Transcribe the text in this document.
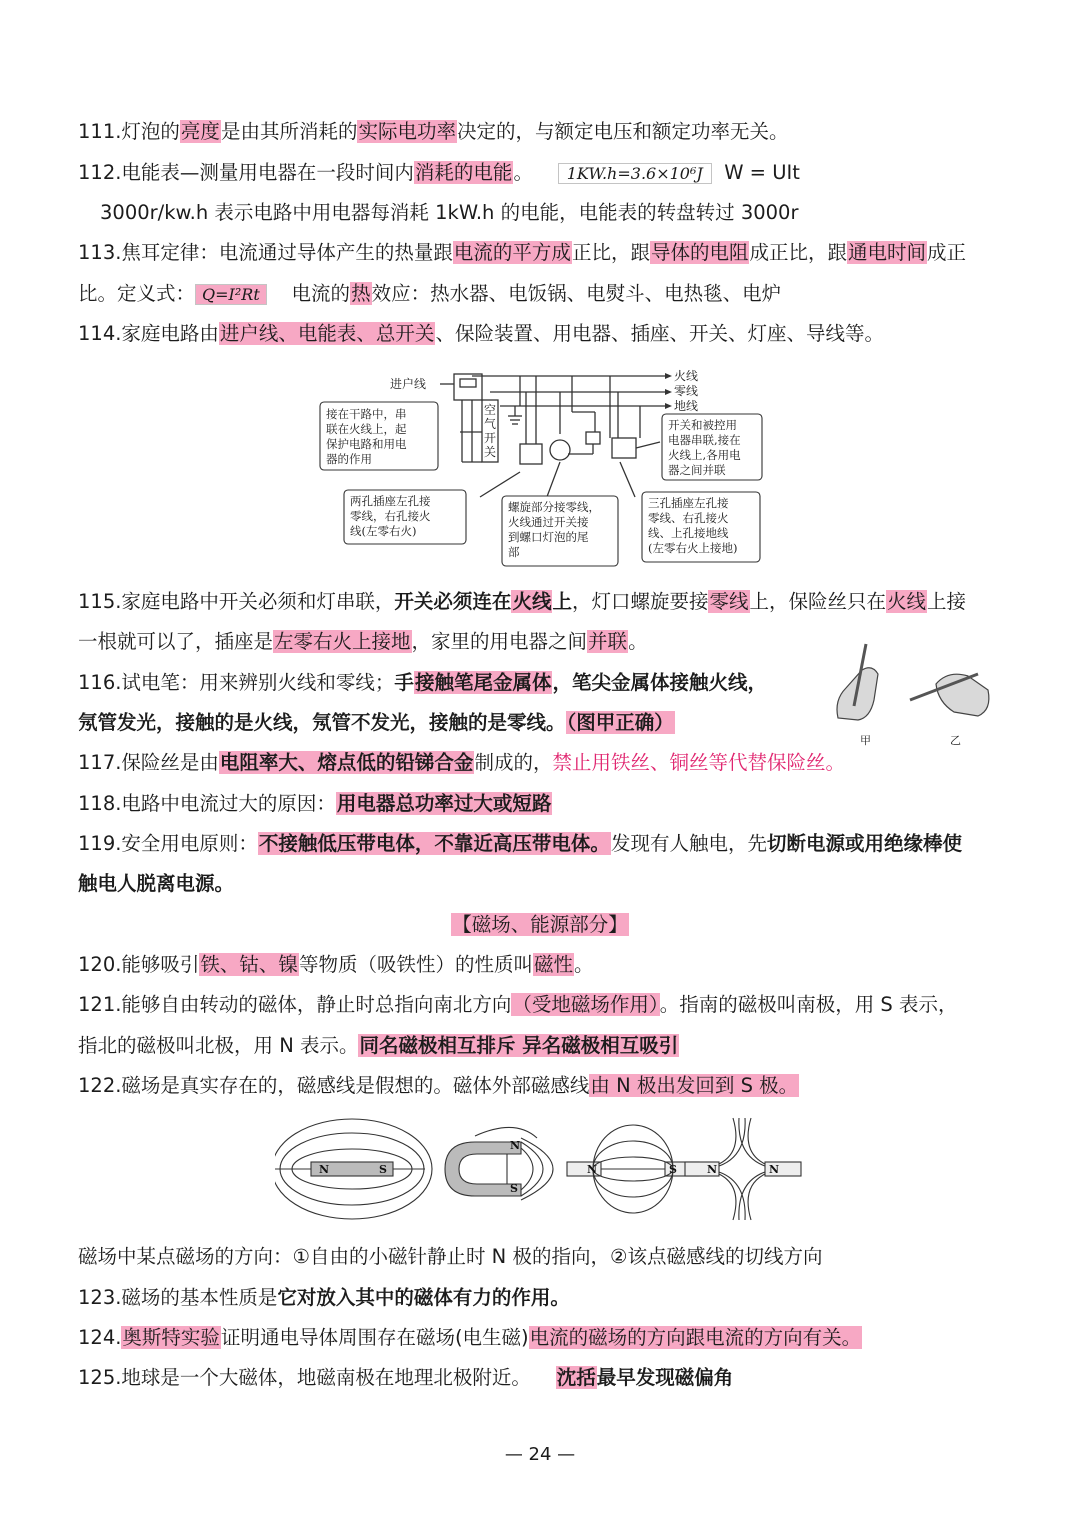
111.灯泡的亮度是由其所消耗的实际电功率决定的，与额定电压和额定功率无关。
112.电能表—测量用电器在一段时间内消耗的电能。 1KW.h=3.6×10⁶J W = UIt
3000r/kw.h 表示电路中用电器每消耗 1kW.h 的电能，电能表的转盘转过 3000r
113.焦耳定律：电流通过导体产生的热量跟电流的平方成正比，跟导体的电阻成正比，跟通电时间成正
比。定义式： Q=I²Rt 电流的热效应：热水器、电饭锅、电熨斗、电热毯、电炉
114.家庭电路由进户线、电能表、总开关、保险装置、用电器、插座、开关、灯座、导线等。
进户线
火线
零线
地线
空
气
开
关
接在干路中，串
联在火线上，起
保护电路和用电
器的作用
开关和被控用
电器串联,接在
火线上,各用电
器之间并联
两孔插座左孔接
零线，右孔接火
线(左零右火)
螺旋部分接零线，
火线通过开关接
到螺口灯泡的尾
部
三孔插座左孔接
零线、右孔接火
线、上孔接地线
(左零右火上接地)
115.家庭电路中开关必须和灯串联，开关必须连在火线上，灯口螺旋要接零线上，保险丝只在火线上接
一根就可以了，插座是左零右火上接地，家里的用电器之间并联。
116.试电笔：用来辨别火线和零线；手接触笔尾金属体，笔尖金属体接触火线，
氖管发光，接触的是火线，氖管不发光，接触的是零线。（图甲正确）
甲	乙
117.保险丝是由电阻率大、熔点低的铅锑合金制成的，禁止用铁丝、铜丝等代替保险丝。
118.电路中电流过大的原因：用电器总功率过大或短路
119.安全用电原则：不接触低压带电体，不靠近高压带电体。发现有人触电，先切断电源或用绝缘棒使
触电人脱离电源。
【磁场、能源部分】
120.能够吸引铁、钴、镍等物质（吸铁性）的性质叫磁性。
121.能够自由转动的磁体，静止时总指向南北方向（受地磁场作用）。指南的磁极叫南极，用 S 表示，
指北的磁极叫北极，用 N 表示。同名磁极相互排斥 异名磁极相互吸引
122.磁场是真实存在的，磁感线是假想的。磁体外部磁感线由 N 极出发回到 S 极。
N	S
N
S
N	S	N	N
磁场中某点磁场的方向：①自由的小磁针静止时 N 极的指向，②该点磁感线的切线方向
123.磁场的基本性质是它对放入其中的磁体有力的作用。
124.奥斯特实验证明通电导体周围存在磁场(电生磁)电流的磁场的方向跟电流的方向有关。
125.地球是一个大磁体，地磁南极在地理北极附近。 沈括最早发现磁偏角
— 24 —
